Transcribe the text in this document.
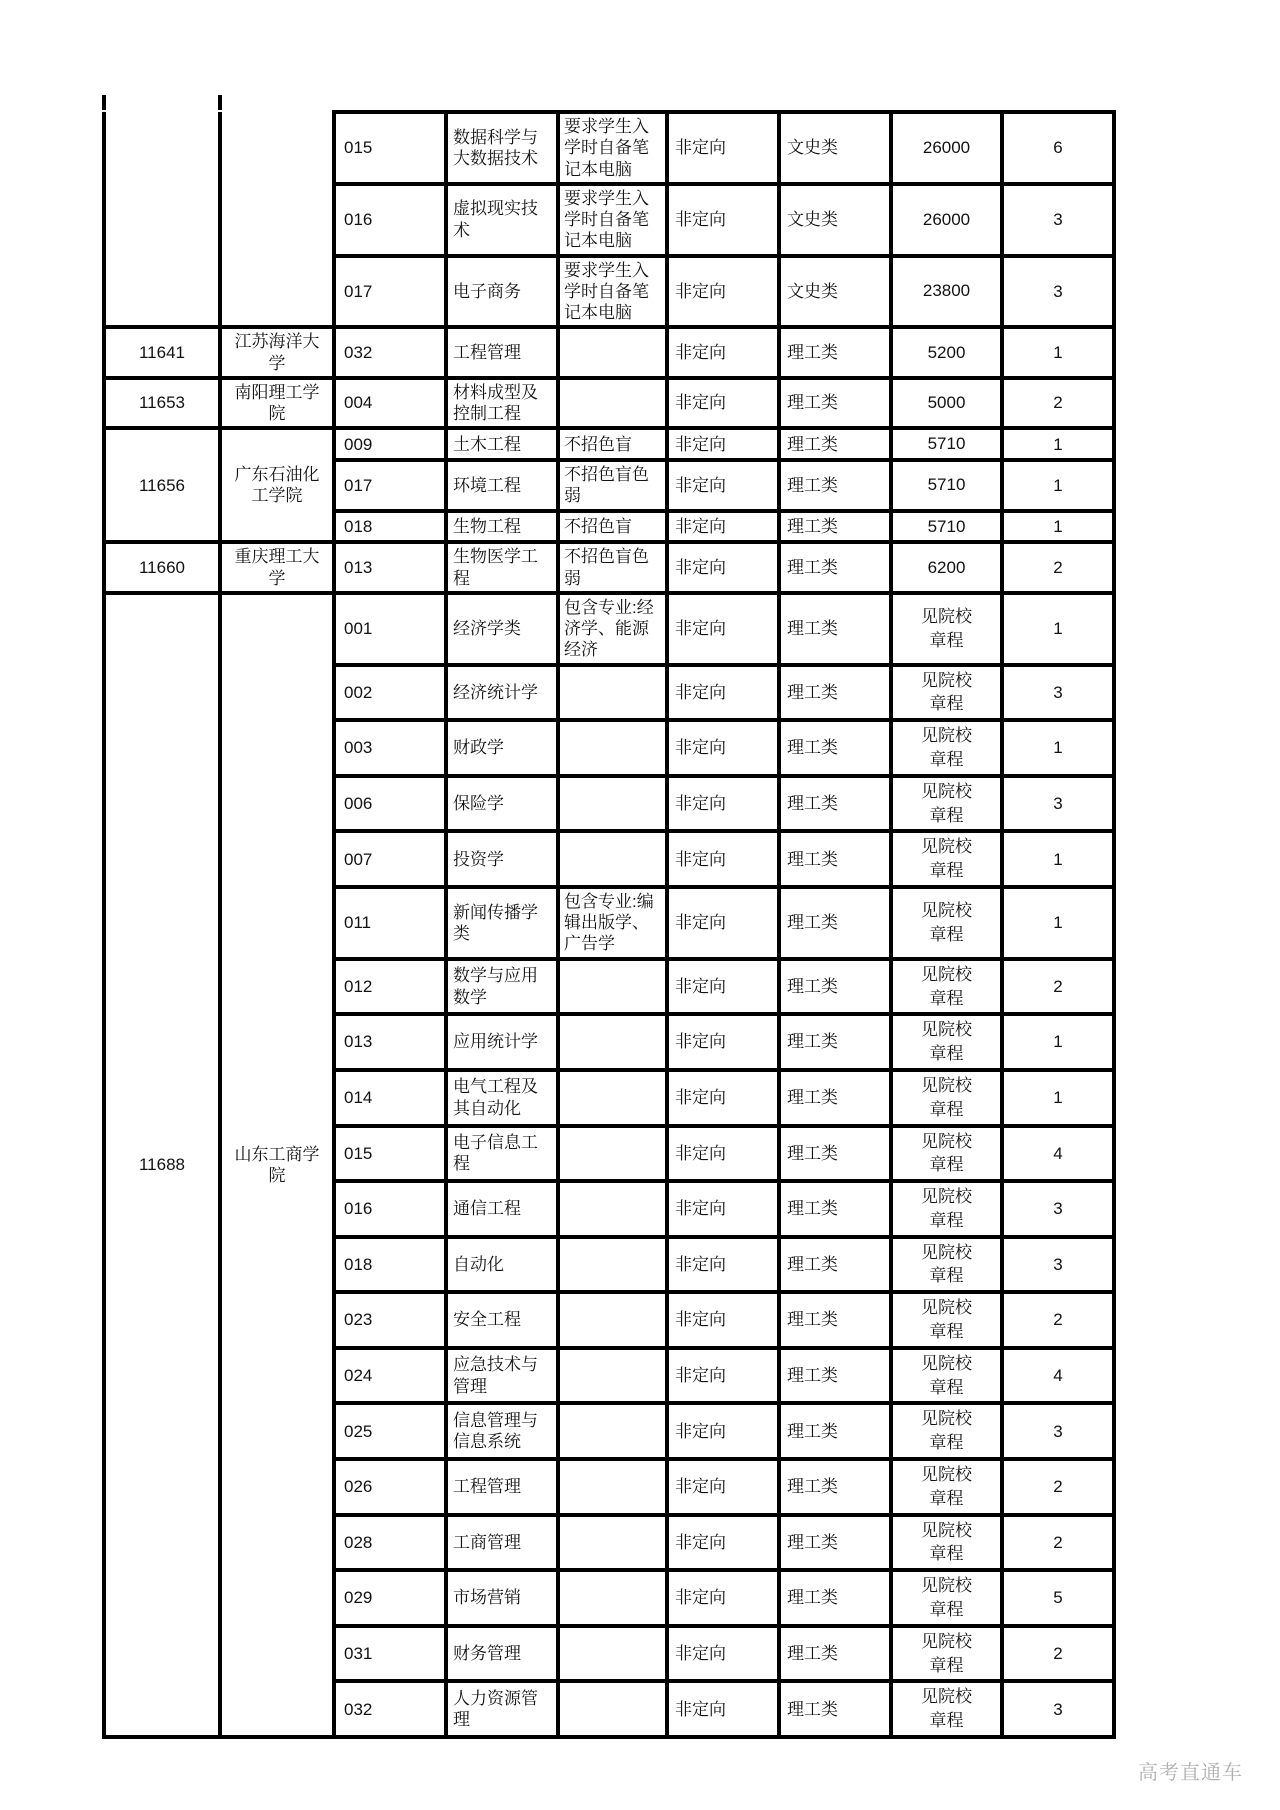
		015	数据科学与大数据技术	要求学生入学时自备笔记本电脑	非定向	文史类	26000	6
		016	虚拟现实技术	要求学生入学时自备笔记本电脑	非定向	文史类	26000	3
		017	电子商务	要求学生入学时自备笔记本电脑	非定向	文史类	23800	3
11641	江苏海洋大学	032	工程管理		非定向	理工类	5200	1
11653	南阳理工学院	004	材料成型及控制工程		非定向	理工类	5000	2
11656	广东石油化工学院	009	土木工程	不招色盲	非定向	理工类	5710	1
		017	环境工程	不招色盲色弱	非定向	理工类	5710	1
		018	生物工程	不招色盲	非定向	理工类	5710	1
11660	重庆理工大学	013	生物医学工程	不招色盲色弱	非定向	理工类	6200	2
11688	山东工商学院	001	经济学类	包含专业:经济学、能源经济	非定向	理工类	见院校章程	1
		002	经济统计学		非定向	理工类	见院校章程	3
		003	财政学		非定向	理工类	见院校章程	1
		006	保险学		非定向	理工类	见院校章程	3
		007	投资学		非定向	理工类	见院校章程	1
		011	新闻传播学类	包含专业:编辑出版学、广告学	非定向	理工类	见院校章程	1
		012	数学与应用数学		非定向	理工类	见院校章程	2
		013	应用统计学		非定向	理工类	见院校章程	1
		014	电气工程及其自动化		非定向	理工类	见院校章程	1
		015	电子信息工程		非定向	理工类	见院校章程	4
		016	通信工程		非定向	理工类	见院校章程	3
		018	自动化		非定向	理工类	见院校章程	3
		023	安全工程		非定向	理工类	见院校章程	2
		024	应急技术与管理		非定向	理工类	见院校章程	4
		025	信息管理与信息系统		非定向	理工类	见院校章程	3
		026	工程管理		非定向	理工类	见院校章程	2
		028	工商管理		非定向	理工类	见院校章程	2
		029	市场营销		非定向	理工类	见院校章程	5
		031	财务管理		非定向	理工类	见院校章程	2
		032	人力资源管理		非定向	理工类	见院校章程	3
高考直通车
